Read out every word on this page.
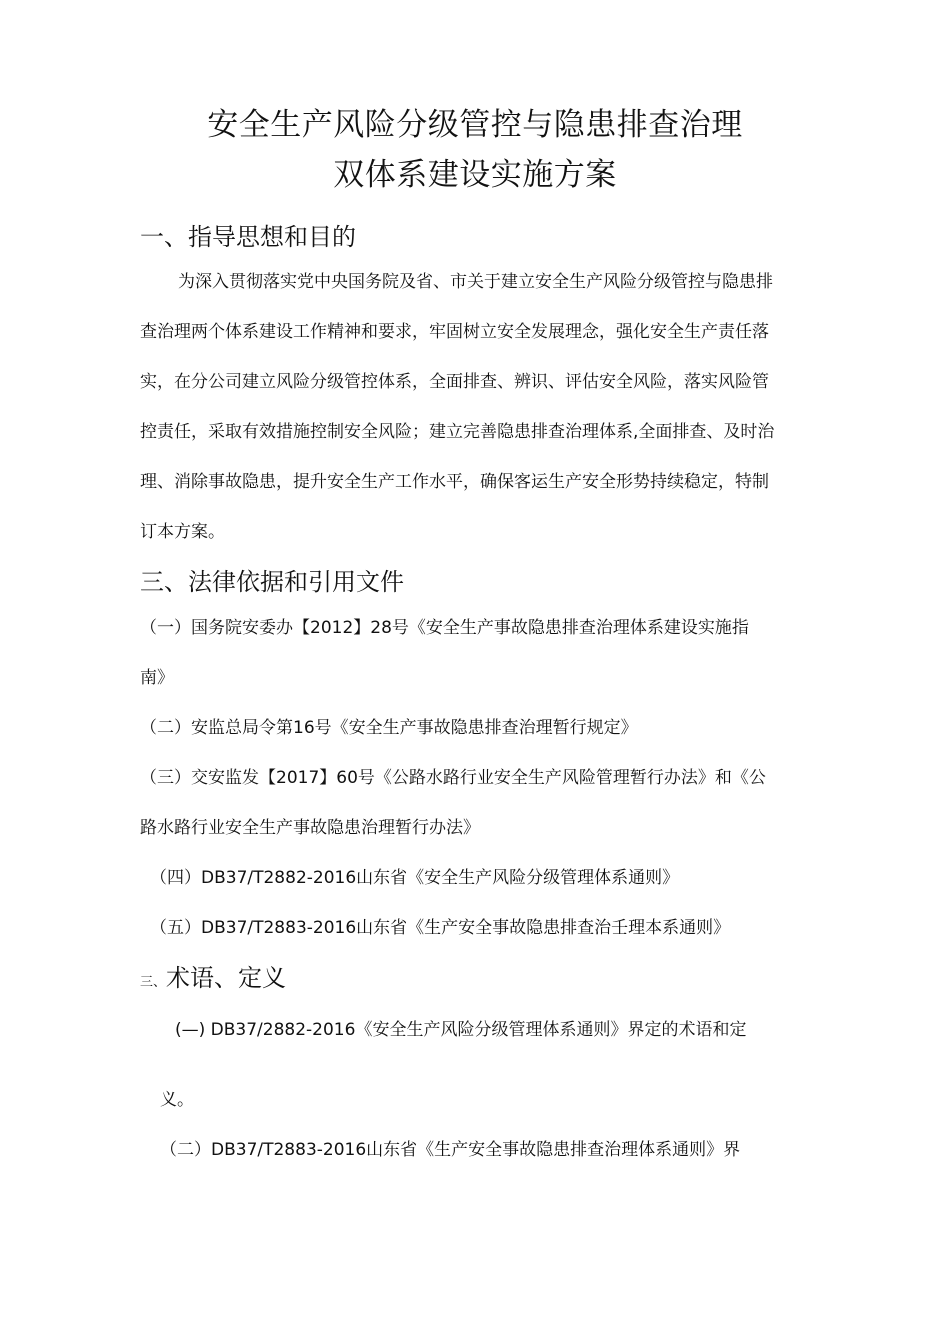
安全生产风险分级管控与隐患排查治理
双体系建设实施方案
一、指导思想和目的
为深入贯彻落实党中央国务院及省、市关于建立安全生产风险分级管控与隐患排
查治理两个体系建设工作精神和要求，牢固树立安全发展理念，强化安全生产责任落
实，在分公司建立风险分级管控体系，全面排查、辨识、评估安全风险，落实风险管
控责任，采取有效措施控制安全风险；建立完善隐患排查治理体系,全面排查、及时治
理、消除事故隐患，提升安全生产工作水平，确保客运生产安全形势持续稳定，特制
订本方案。
三、法律依据和引用文件
（一）国务院安委办【2012】28号《安全生产事故隐患排查治理体系建设实施指
南》
（二）安监总局令第16号《安全生产事故隐患排查治理暂行规定》
（三）交安监发【2017】60号《公路水路行业安全生产风险管理暂行办法》和《公
路水路行业安全生产事故隐患治理暂行办法》
（四）DB37/T2882-2016山东省《安全生产风险分级管理体系通则》
（五）DB37/T2883-2016山东省《生产安全事故隐患排查治壬理本系通则》
三、术语、定义
(—) DB37/2882-2016《安全生产风险分级管理体系通则》界定的术语和定
义。
（二）DB37/T2883-2016山东省《生产安全事故隐患排查治理体系通则》界
